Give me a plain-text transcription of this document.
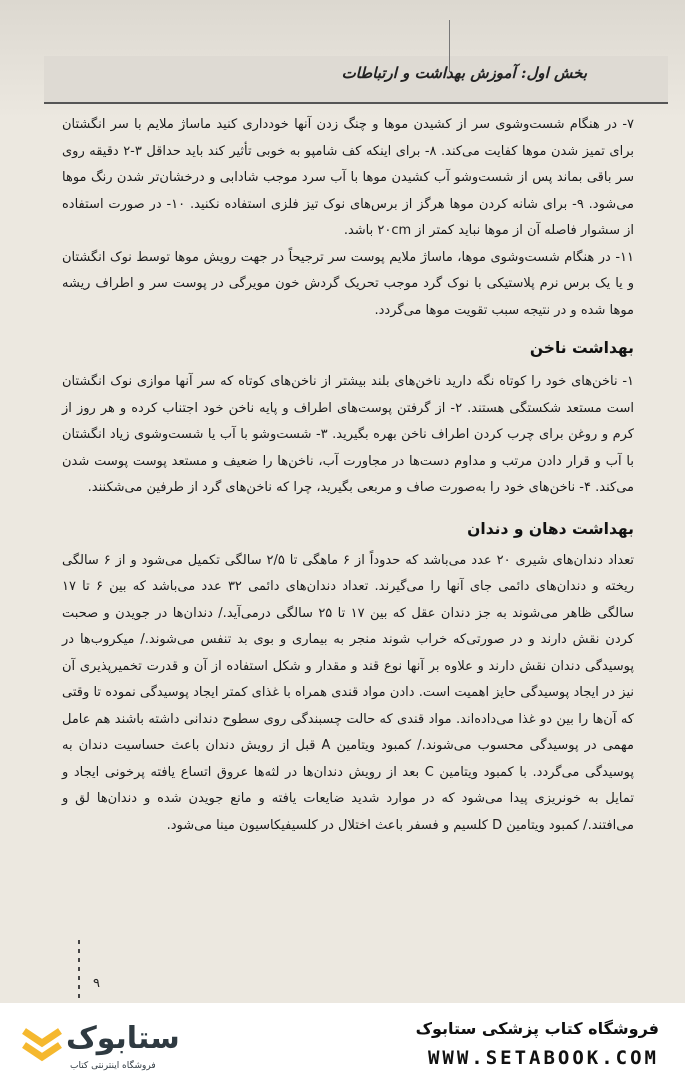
بخش اول: آموزش بهداشت و ارتباطات

۷- در هنگام شست‌وشوی سر از کشیدن موها و چنگ زدن آنها خودداری کنید ماساژ ملایم با سر انگشتان برای تمیز شدن موها کفایت می‌کند. ۸- برای اینکه کف شامپو به خوبی تأثیر کند باید حداقل ۳-۲ دقیقه روی سر باقی بماند پس از شست‌وشو آب کشیدن موها با آب سرد موجب شادابی و درخشان‌تر شدن رنگ موها می‌شود. ۹- برای شانه کردن موها هرگز از برس‌های نوک تیز فلزی استفاده نکنید. ۱۰- در صورت استفاده از سشوار فاصله آن از موها نباید کمتر از ۲۰cm باشد.

۱۱- در هنگام شست‌وشوی موها، ماساژ ملایم پوست سر ترجیحاً در جهت رویش موها توسط نوک انگشتان و یا یک برس نرم پلاستیکی با نوک گرد موجب تحریک گردش خون مویرگی در پوست سر و اطراف ریشه موها شده و در نتیجه سبب تقویت موها می‌گردد.

بهداشت ناخن

۱- ناخن‌های خود را کوتاه نگه دارید ناخن‌های بلند بیشتر از ناخن‌های کوتاه که سر آنها موازی نوک انگشتان است مستعد شکستگی هستند. ۲- از گرفتن پوست‌های اطراف و پایه ناخن خود اجتناب کرده و هر روز از کرم و روغن برای چرب کردن اطراف ناخن بهره بگیرید. ۳- شست‌وشو با آب یا شست‌وشوی زیاد انگشتان با آب و قرار دادن مرتب و مداوم دست‌ها در مجاورت آب، ناخن‌ها را ضعیف و مستعد پوست پوست شدن می‌کند. ۴- ناخن‌های خود را به‌صورت صاف و مربعی بگیرید، چرا که ناخن‌های گرد از طرفین می‌شکنند.

بهداشت دهان و دندان

تعداد دندان‌های شیری ۲۰ عدد می‌باشد که حدوداً از ۶ ماهگی تا ۲/۵ سالگی تکمیل می‌شود و از ۶ سالگی ریخته و دندان‌های دائمی جای آنها را می‌گیرند. تعداد دندان‌های دائمی ۳۲ عدد می‌باشد که بین ۶ تا ۱۷ سالگی ظاهر می‌شوند به جز دندان عقل که بین ۱۷ تا ۲۵ سالگی درمی‌آید./ دندان‌ها در جویدن و صحبت کردن نقش دارند و در صورتی‌که خراب شوند منجر به بیماری و بوی بد تنفس می‌شوند./ میکروب‌ها در پوسیدگی دندان نقش دارند و علاوه بر آنها نوع قند و مقدار و شکل استفاده از آن و قدرت تخمیرپذیری آن نیز در ایجاد پوسیدگی حایز اهمیت است. دادن مواد قندی همراه با غذای کمتر ایجاد پوسیدگی نموده تا وقتی که آن‌ها را بین دو غذا می‌داده‌اند. مواد قندی که حالت چسبندگی روی سطوح دندانی داشته باشند هم عامل مهمی در پوسیدگی محسوب می‌شوند./ کمبود ویتامین A قبل از رویش دندان باعث حساسیت دندان به پوسیدگی می‌گردد. با کمبود ویتامین C بعد از رویش دندان‌ها در لثه‌ها عروق اتساع یافته پرخونی ایجاد و تمایل به خونریزی پیدا می‌شود که در موارد شدید ضایعات یافته و مانع جویدن شده و دندان‌ها لق و می‌افتند./ کمبود ویتامین D کلسیم و فسفر باعث اختلال در کلسیفیکاسیون مینا می‌شود.

۹
ستابوک
فروشگاه اینترنتی کتاب
فروشگاه کتاب پزشکی ستابوک
WWW.SETABOOK.COM
